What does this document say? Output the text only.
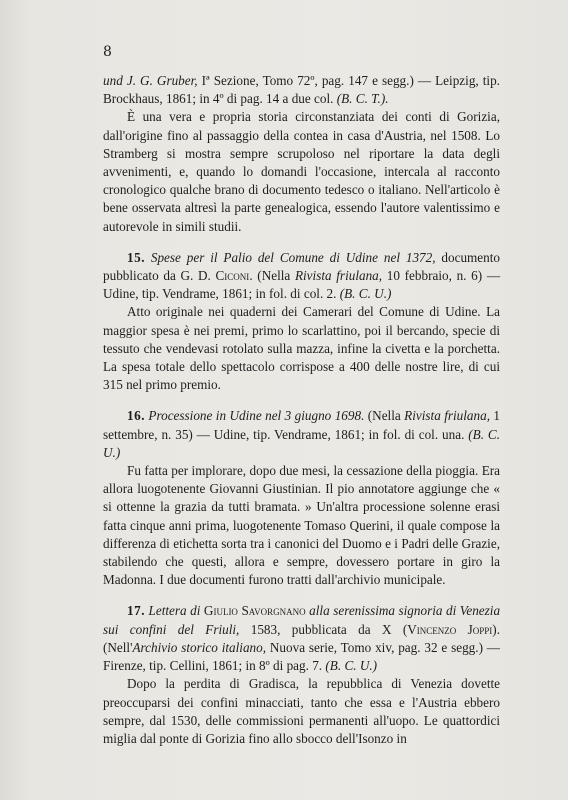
8

und J. G. Gruber, Iª Sezione, Tomo 72º, pag. 147 e segg.) — Leipzig, tip. Brockhaus, 1861; in 4º di pag. 14 a due col. (B. C. T.).

È una vera e propria storia circonstanziata dei conti di Gorizia, dall'origine fino al passaggio della contea in casa d'Austria, nel 1508. Lo Stramberg si mostra sempre scrupoloso nel riportare la data degli avvenimenti, e, quando lo domandi l'occasione, intercala al racconto cronologico qualche brano di documento tedesco o italiano. Nell'articolo è bene osservata altresì la parte genealogica, essendo l'autore valentissimo e autorevole in simili studii.

15. Spese per il Palio del Comune di Udine nel 1372, documento pubblicato da G. D. Ciconi. (Nella Rivista friulana, 10 febbraio, n. 6) — Udine, tip. Vendrame, 1861; in fol. di col. 2. (B. C. U.)

Atto originale nei quaderni dei Camerari del Comune di Udine. La maggior spesa è nei premi, primo lo scarlattino, poi il bercando, specie di tessuto che vendevasi rotolato sulla mazza, infine la civetta e la porchetta. La spesa totale dello spettacolo corrispose a 400 delle nostre lire, di cui 315 nel primo premio.

16. Processione in Udine nel 3 giugno 1698. (Nella Rivista friulana, 1 settembre, n. 35) — Udine, tip. Vendrame, 1861; in fol. di col. una. (B. C. U.)

Fu fatta per implorare, dopo due mesi, la cessazione della pioggia. Era allora luogotenente Giovanni Giustinian. Il pio annotatore aggiunge che « si ottenne la grazia da tutti bramata. » Un'altra processione solenne erasi fatta cinque anni prima, luogotenente Tomaso Querini, il quale compose la differenza di etichetta sorta tra i canonici del Duomo e i Padri delle Grazie, stabilendo che questi, allora e sempre, dovessero portare in giro la Madonna. I due documenti furono tratti dall'archivio municipale.

17. Lettera di Giulio Savorgnano alla serenissima signoria di Venezia sui confini del Friuli, 1583, pubblicata da X (Vincenzo Joppi). (Nell'Archivio storico italiano, Nuova serie, Tomo xiv, pag. 32 e segg.) — Firenze, tip. Cellini, 1861; in 8º di pag. 7. (B. C. U.)

Dopo la perdita di Gradisca, la repubblica di Venezia dovette preoccuparsi dei confini minacciati, tanto che essa e l'Austria ebbero sempre, dal 1530, delle commissioni permanenti all'uopo. Le quattordici miglia dal ponte di Gorizia fino allo sbocco dell'Isonzo in
